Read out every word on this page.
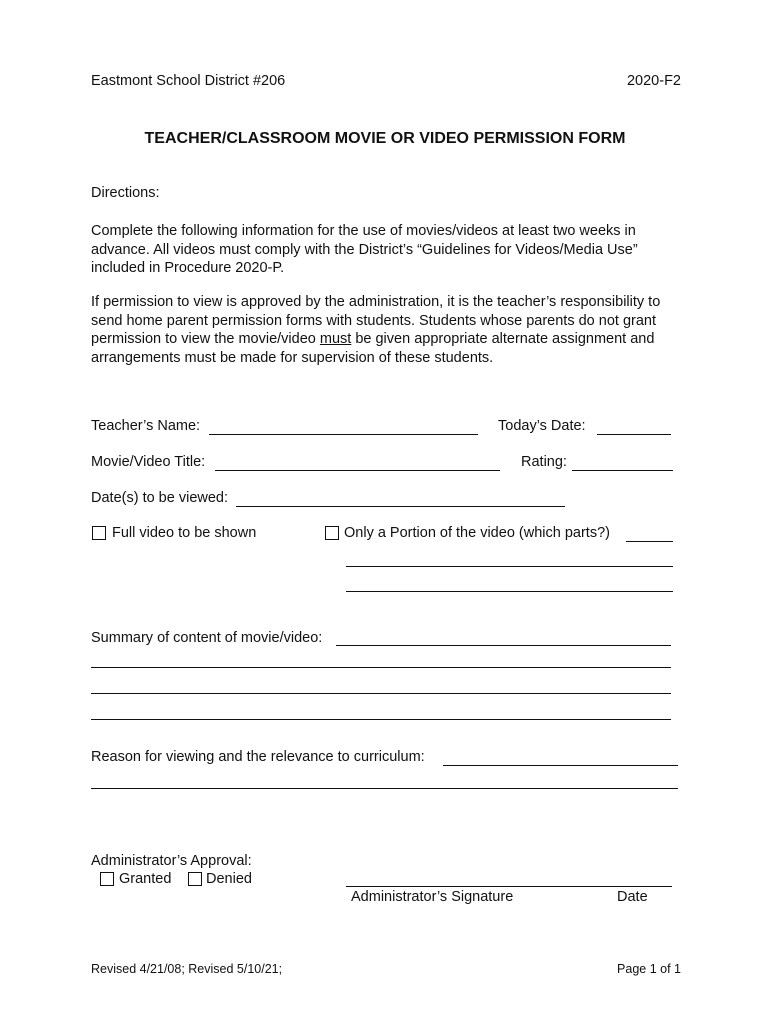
Eastmont School District #206	2020-F2
TEACHER/CLASSROOM MOVIE OR VIDEO PERMISSION FORM
Directions:
Complete the following information for the use of movies/videos at least two weeks in advance. All videos must comply with the District’s “Guidelines for Videos/Media Use” included in Procedure 2020-P.
If permission to view is approved by the administration, it is the teacher’s responsibility to send home parent permission forms with students. Students whose parents do not grant permission to view the movie/video must be given appropriate alternate assignment and arrangements must be made for supervision of these students.
Teacher’s Name:	Today’s Date:
Movie/Video Title:	Rating:
Date(s) to be viewed:
Full video to be shown	Only a Portion of the video (which parts?)
Summary of content of movie/video:
Reason for viewing and the relevance to curriculum:
Administrator’s Approval:
Granted Denied
Administrator’s Signature	Date
Revised 4/21/08; Revised 5/10/21;	Page 1 of 1
